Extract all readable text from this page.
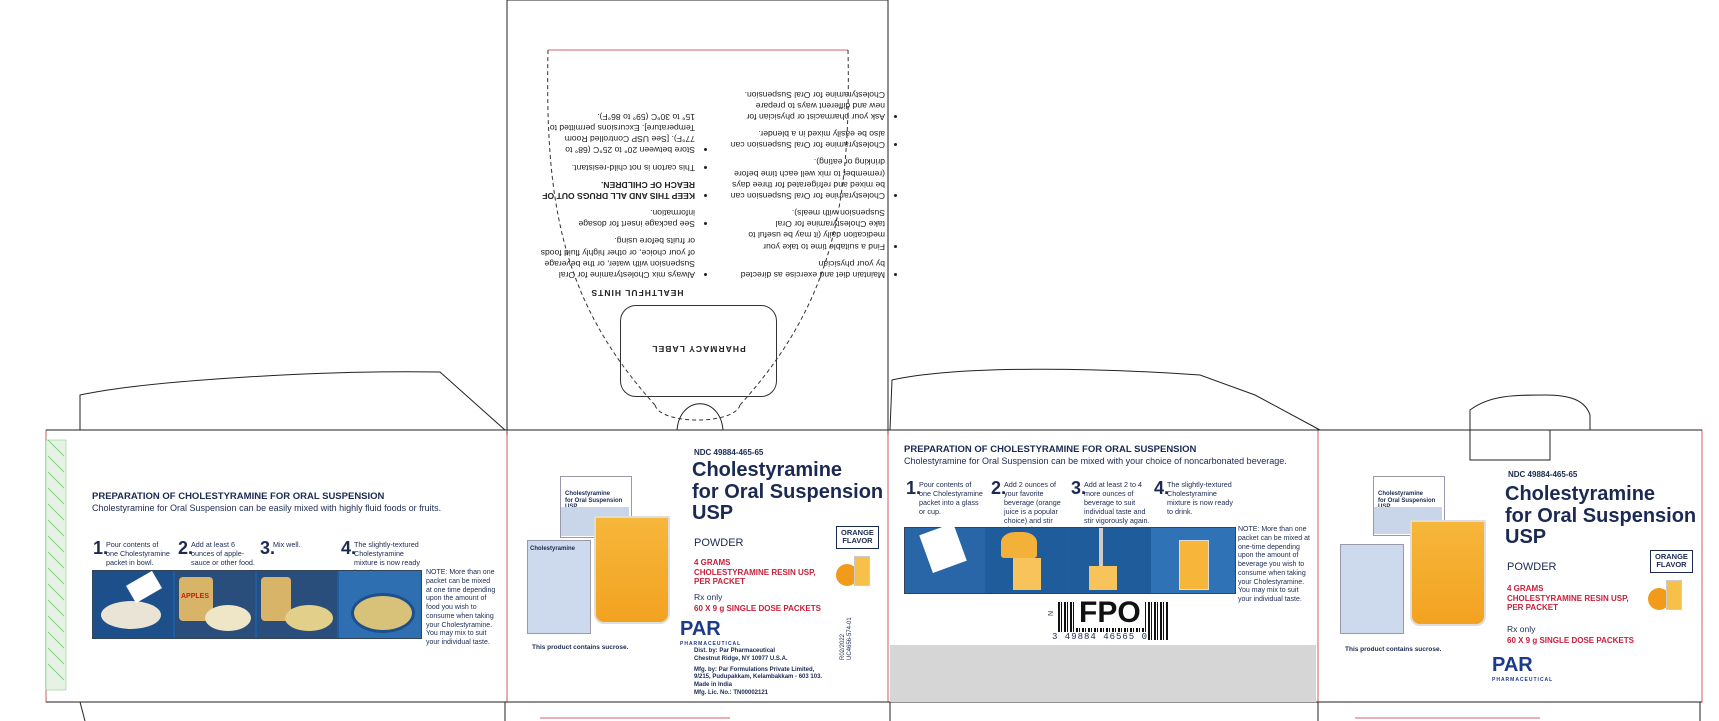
HEALTHFUL HINTS
• Maintain diet and exercise as directed by your physician
• Find a suitable time to take your medication daily (it may be useful to take Cholestyramine for Oral Suspension with meals).
• Cholestyramine for Oral Suspension can be mixed and refrigerated for three days (remember to mix well each time before drinking or eating).
• Cholestyramine for Oral Suspension can also be easily mixed in a blender.
• Ask your pharmacist or physician for new and different ways to prepare Cholestyramine for Oral Suspension.
• Always mix Cholestyramine for Oral Suspension with water, or the beverage of your choice, or other highly fluid foods or fruits before using.
• See package insert for dosage information.
• KEEP THIS AND ALL DRUGS OUT OF REACH OF CHILDREN.
• This carton is not child-resistant.
• Store between 20° to 25°C (68° to 77°F). [See USP Controlled Room Temperature]. Excursions permitted to 15° to 30°C (59° to 86°F).
PHARMACY LABEL
PREPARATION OF CHOLESTYRAMINE FOR ORAL SUSPENSION
Cholestyramine for Oral Suspension can be easily mixed with highly fluid foods or fruits.
1.
Pour contents of one Cholestyramine packet in bowl.
2.
Add at least 6 ounces of apple-sauce or other food.
3.
Mix well.	4.
The slightly-textured Cholestyramine mixture is now ready
APPLES
NOTE: More than one packet can be mixed at one time depending upon the amount of food you wish to consume when taking your Cholestyramine. You may mix to suit your individual taste.
Cholestyramine
for Oral Suspension
Cholestyramine
This product contains sucrose.
NDC 49884-465-65
Cholestyramine
for Oral Suspension
USP
POWDER
4 GRAMS
CHOLESTYRAMINE RESIN USP,
PER PACKET
Rx only
60 X 9 g SINGLE DOSE PACKETS
ORANGE
FLAVOR
PAR
PHARMACEUTICAL
Dist. by: Par Pharmaceutical
Chestnut Ridge, NY 10977 U.S.A.
Mfg. by: Par Formulations Private Limited,
9/215, Pudupakkam, Kelambakkam - 603 103.
Made in India
Mfg. Lic. No.: TN00002121
R02/2022 UC4656-574-01
PREPARATION OF CHOLESTYRAMINE FOR ORAL SUSPENSION
Cholestyramine for Oral Suspension can be mixed with your choice of noncarbonated beverage.
1.
Pour contents of one Cholestyramine packet into a glass or cup.
2.
Add 2 ounces of your favorite beverage (orange juice is a popular choice) and stir
3.
Add at least 2 to 4 more ounces of beverage to suit individual taste and stir vigorously again.
4.
The slightly-textured Cholestyramine mixture is now ready to drink.
NOTE: More than one packet can be mixed at one-time depending upon the amount of beverage you wish to consume when taking your Cholestyramine. You may mix to suit your individual taste.
FPO
N
3 49884 46565 0
Cholestyramine
for Oral Suspension
This product contains sucrose.
NDC 49884-465-65
Cholestyramine
for Oral Suspension
USP
POWDER
4 GRAMS
CHOLESTYRAMINE RESIN USP,
PER PACKET
Rx only
60 X 9 g SINGLE DOSE PACKETS
ORANGE
FLAVOR
PAR
PHARMACEUTICAL
